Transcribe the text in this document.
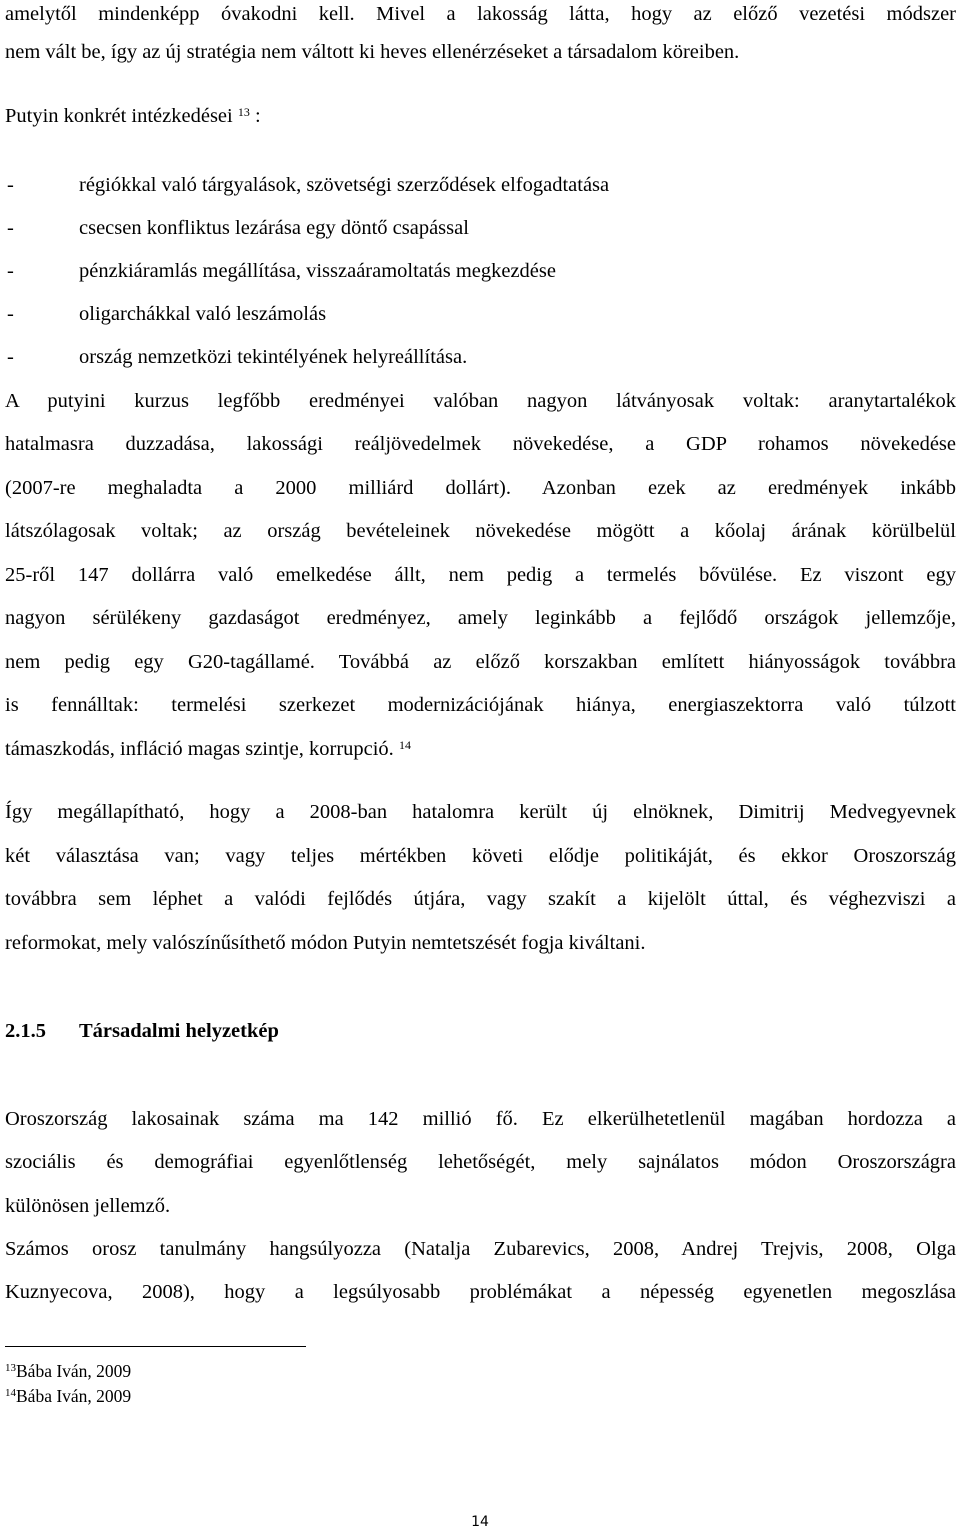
amelytől mindenképp óvakodni kell. Mivel a lakosság látta, hogy az előző vezetési módszer
nem vált be, így az új stratégia nem váltott ki heves ellenérzéseket a társadalom köreiben.
Putyin konkrét intézkedései $^{13}$ :
-	régiókkal való tárgyalások, szövetségi szerződések elfogadtatása
-	csecsen konfliktus lezárása egy döntő csapással
-	pénzkiáramlás megállítása, visszaáramoltatás megkezdése
-	oligarchákkal való leszámolás
-	ország nemzetközi tekintélyének helyreállítása.
A putyini kurzus legfőbb eredményei valóban nagyon látványosak voltak: aranytartalékok
hatalmasra duzzadása, lakossági reáljövedelmek növekedése, a GDP rohamos növekedése
(2007-re meghaladta a 2000 milliárd dollárt). Azonban ezek az eredmények inkább
látszólagosak voltak; az ország bevételeinek növekedése mögött a kőolaj árának körülbelül
25-ről 147 dollárra való emelkedése állt, nem pedig a termelés bővülése. Ez viszont egy
nagyon sérülékeny gazdaságot eredményez, amely leginkább a fejlődő országok jellemzője,
nem pedig egy G20-tagállamé. Továbbá az előző korszakban említett hiányosságok továbbra
is fennálltak: termelési szerkezet modernizációjának hiánya, energiaszektorra való túlzott
támaszkodás, infláció magas szintje, korrupció. $^{14}$
Így megállapítható, hogy a 2008-ban hatalomra került új elnöknek, Dimitrij Medvegyevnek
két választása van; vagy teljes mértékben követi elődje politikáját, és ekkor Oroszország
továbbra sem léphet a valódi fejlődés útjára, vagy szakít a kijelölt úttal, és véghezviszi a
reformokat, mely valószínűsíthető módon Putyin nemtetszését fogja kiváltani.
2.1.5 Társadalmi helyzetkép
Oroszország lakosainak száma ma 142 millió fő. Ez elkerülhetetlenül magában hordozza a
szociális és demográfiai egyenlőtlenség lehetőségét, mely sajnálatos módon Oroszországra
különösen jellemző.
Számos orosz tanulmány hangsúlyozza (Natalja Zubarevics, 2008, Andrej Trejvis, 2008, Olga
Kuznyecova, 2008), hogy a legsúlyosabb problémákat a népesség egyenetlen megoszlása
$^{13}$Bába Iván, 2009
$^{14}$Bába Iván, 2009
14
